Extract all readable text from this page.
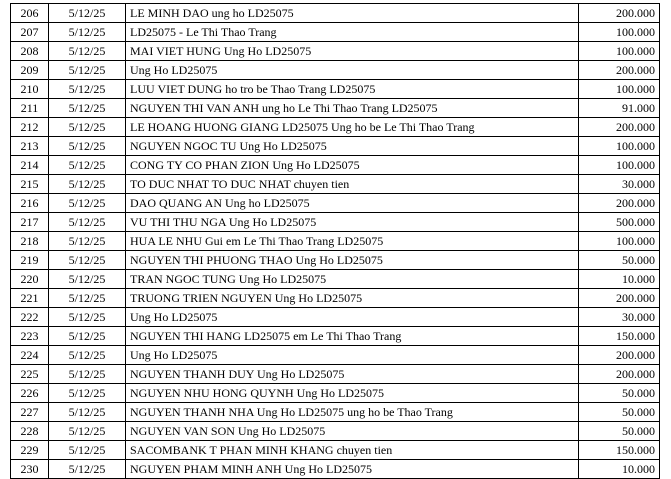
206	5/12/25	LE MINH DAO ung ho LD25075	200.000
207	5/12/25	LD25075 - Le Thi Thao Trang	100.000
208	5/12/25	MAI VIET HUNG Ung Ho LD25075	100.000
209	5/12/25	Ung Ho LD25075	200.000
210	5/12/25	LUU VIET DUNG ho tro be Thao Trang LD25075	100.000
211	5/12/25	NGUYEN THI VAN ANH ung ho Le Thi Thao Trang LD25075	91.000
212	5/12/25	LE HOANG HUONG GIANG LD25075 Ung ho be Le Thi Thao Trang	200.000
213	5/12/25	NGUYEN NGOC TU Ung Ho LD25075	100.000
214	5/12/25	CONG TY CO PHAN ZION Ung Ho LD25075	100.000
215	5/12/25	TO DUC NHAT TO DUC NHAT chuyen tien	30.000
216	5/12/25	DAO QUANG AN Ung ho LD25075	200.000
217	5/12/25	VU THI THU NGA Ung Ho LD25075	500.000
218	5/12/25	HUA LE NHU Gui em Le Thi Thao Trang LD25075	100.000
219	5/12/25	NGUYEN THI PHUONG THAO Ung Ho LD25075	50.000
220	5/12/25	TRAN NGOC TUNG Ung Ho LD25075	10.000
221	5/12/25	TRUONG TRIEN NGUYEN Ung Ho LD25075	200.000
222	5/12/25	Ung Ho LD25075	30.000
223	5/12/25	NGUYEN THI HANG LD25075 em Le Thi Thao Trang	150.000
224	5/12/25	Ung Ho LD25075	200.000
225	5/12/25	NGUYEN THANH DUY Ung Ho LD25075	200.000
226	5/12/25	NGUYEN NHU HONG QUYNH Ung Ho LD25075	50.000
227	5/12/25	NGUYEN THANH NHA Ung Ho LD25075 ung ho be Thao Trang	50.000
228	5/12/25	NGUYEN VAN SON Ung Ho LD25075	50.000
229	5/12/25	SACOMBANK T PHAN MINH KHANG chuyen tien	150.000
230	5/12/25	NGUYEN PHAM MINH ANH Ung Ho LD25075	10.000
